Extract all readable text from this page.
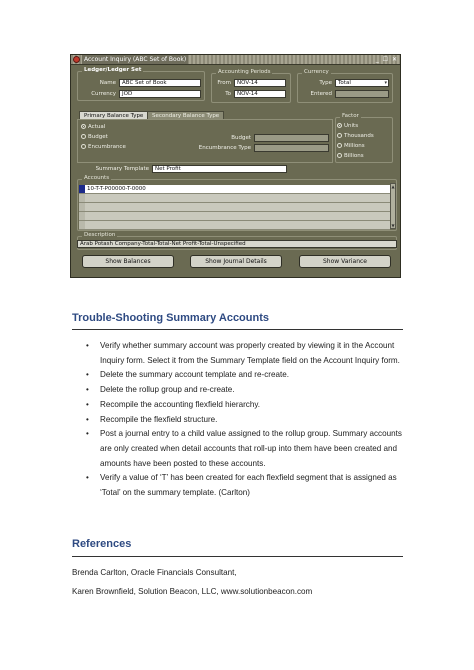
Account Inquiry (ABC Set of Book)	_ ☐ ✕
Ledger/Ledger Set
Name	ABC Set of Book
Currency	JOD
Accounting Periods
From	NOV-14
To	NOV-14
Currency
Type	Total	▾
Entered
Primary Balance Type	Secondary Balance Type
Actual
Budget
Encumbrance
Budget
Encumbrance Type
Factor
Units
Thousands
Millions
Billions
Summary Template	Net Profit
Accounts
10-T-T-P00000-T-0000	▲
▼
Description
Arab Potash Company-Total-Total-Net Profit-Total-Unspecified
Show Balances	Show Journal Details	Show Variance
Trouble-Shooting Summary Accounts
• Verify whether summary account was properly created by viewing it in the Account Inquiry form. Select it from the Summary Template field on the Account Inquiry form.
• Delete the summary account template and re-create.
• Delete the rollup group and re-create.
• Recompile the accounting flexfield hierarchy.
• Recompile the flexfield structure.
• Post a journal entry to a child value assigned to the rollup group. Summary accounts are only created when detail accounts that roll-up into them have been created and amounts have been posted to these accounts.
• Verify a value of ‘T’ has been created for each flexfield segment that is assigned as ‘Total’ on the summary template. (Carlton)
References
Brenda Carlton, Oracle Financials Consultant,
Karen Brownfield, Solution Beacon, LLC, www.solutionbeacon.com
